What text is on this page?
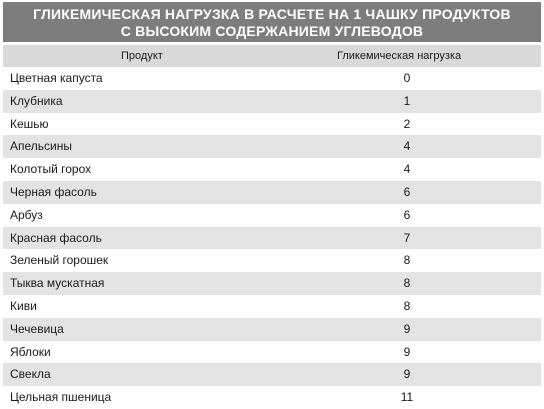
ГЛИКЕМИЧЕСКАЯ НАГРУЗКА В РАСЧЕТЕ НА 1 ЧАШКУ ПРОДУКТОВ
С ВЫСОКИМ СОДЕРЖАНИЕМ УГЛЕВОДОВ
Продукт	Гликемическая нагрузка
Цветная капуста	0
Клубника	1
Кешью	2
Апельсины	4
Колотый горох	4
Черная фасоль	6
Арбуз	6
Красная фасоль	7
Зеленый горошек	8
Тыква мускатная	8
Киви	8
Чечевица	9
Яблоки	9
Свекла	9
Цельная пшеница	11
